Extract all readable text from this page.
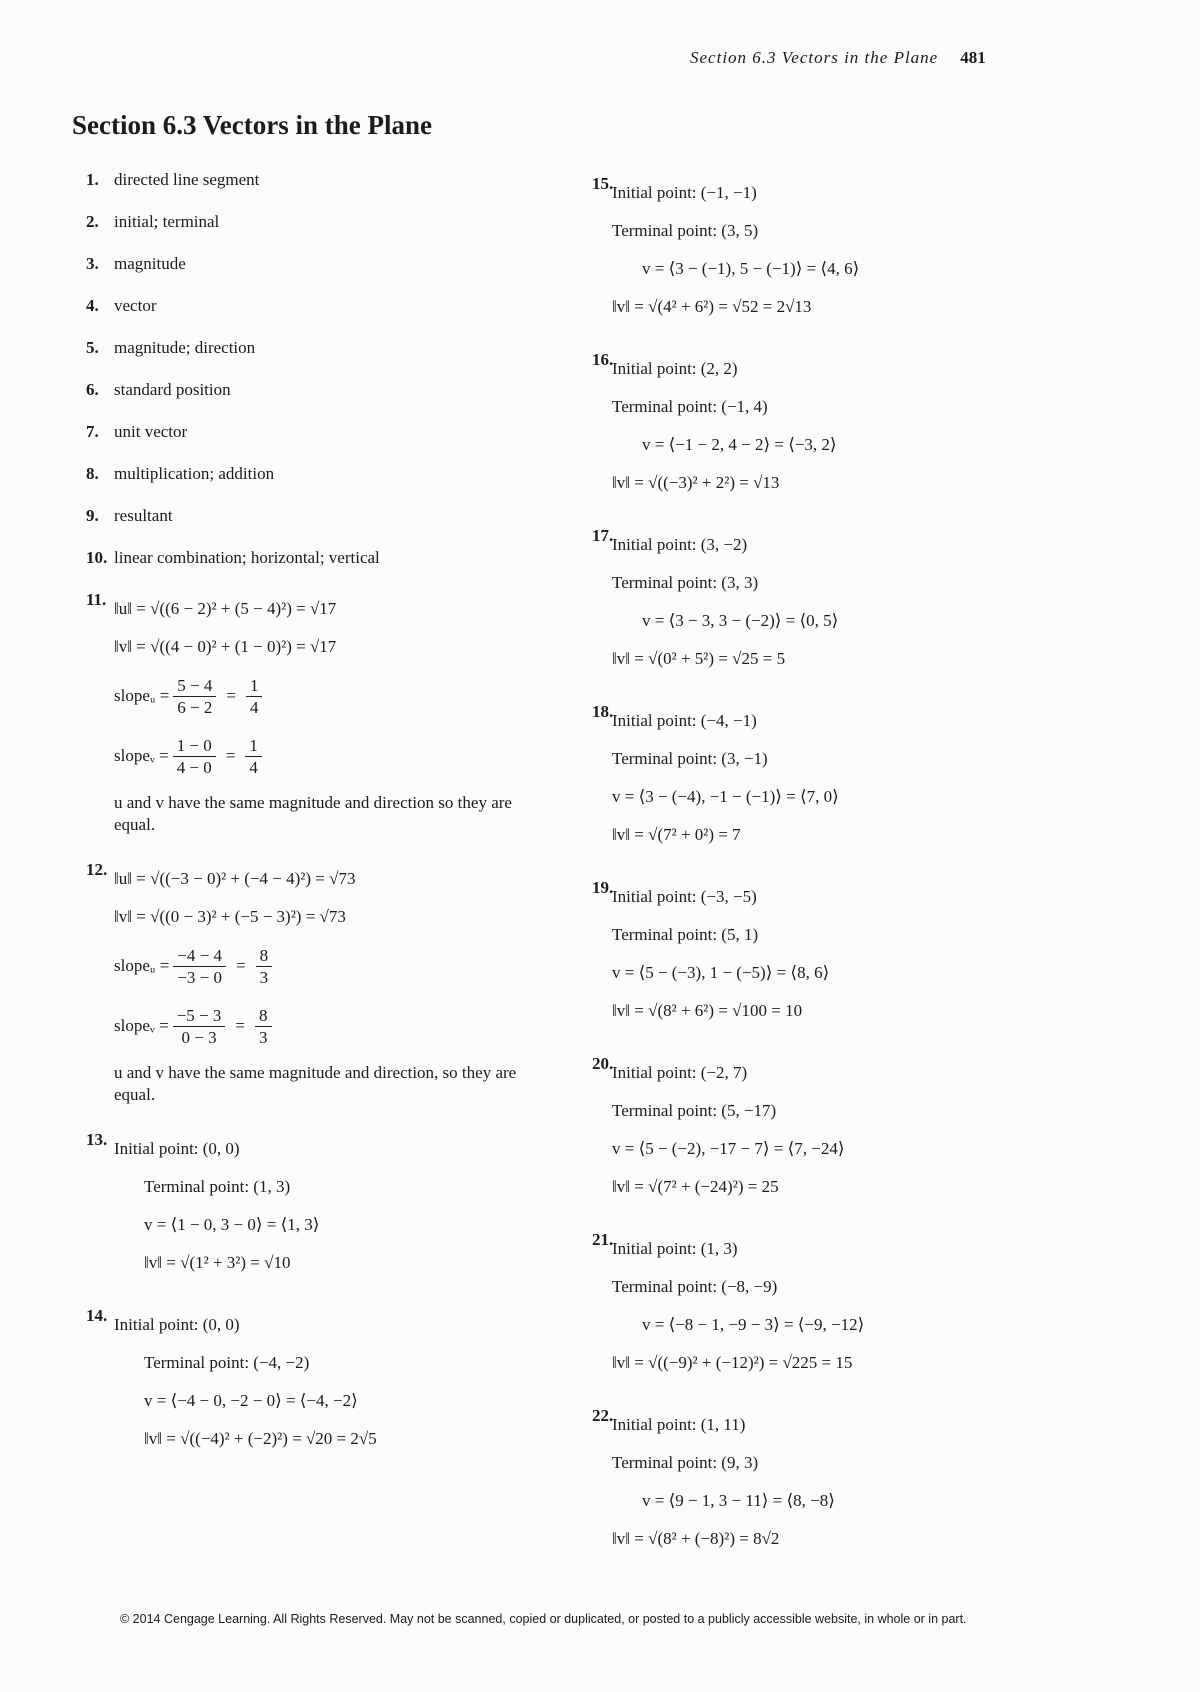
Section 6.3 Vectors in the Plane 481
Section 6.3 Vectors in the Plane
1. directed line segment
2. initial; terminal
3. magnitude
4. vector
5. magnitude; direction
6. standard position
7. unit vector
8. multiplication; addition
9. resultant
10. linear combination; horizontal; vertical
11. ‖u‖ = √((6 − 2)² + (5 − 4)²) = √17
‖v‖ = √((4 − 0)² + (1 − 0)²) = √17
slopeᵤ = $\frac{5 - 4}{6 - 2} = \frac{1}{4}$
slopeᵥ = $\frac{1 - 0}{4 - 0} = \frac{1}{4}$
u and v have the same magnitude and direction so they are equal.
12. ‖u‖ = √((−3 − 0)² + (−4 − 4)²) = √73
‖v‖ = √((0 − 3)² + (−5 − 3)²) = √73
slopeᵤ = $\frac{-4 - 4}{-3 - 0} = \frac{8}{3}$
slopeᵥ = $\frac{-5 - 3}{0 - 3} = \frac{8}{3}$
u and v have the same magnitude and direction, so they are equal.
13. Initial point: (0, 0)
Terminal point: (1, 3)
v = ⟨1 − 0, 3 − 0⟩ = ⟨1, 3⟩
‖v‖ = √(1² + 3²) = √10
14. Initial point: (0, 0)
Terminal point: (−4, −2)
v = ⟨−4 − 0, −2 − 0⟩ = ⟨−4, −2⟩
‖v‖ = √((−4)² + (−2)²) = √20 = 2√5
15.
Initial point: (−1, −1)
Terminal point: (3, 5)
v = ⟨3 − (−1), 5 − (−1)⟩ = ⟨4, 6⟩
‖v‖ = √(4² + 6²) = √52 = 2√13
16.
Initial point: (2, 2)
Terminal point: (−1, 4)
v = ⟨−1 − 2, 4 − 2⟩ = ⟨−3, 2⟩
‖v‖ = √((−3)² + 2²) = √13
17.
Initial point: (3, −2)
Terminal point: (3, 3)
v = ⟨3 − 3, 3 − (−2)⟩ = ⟨0, 5⟩
‖v‖ = √(0² + 5²) = √25 = 5
18.
Initial point: (−4, −1)
Terminal point: (3, −1)
v = ⟨3 − (−4), −1 − (−1)⟩ = ⟨7, 0⟩
‖v‖ = √(7² + 0²) = 7
19.
Initial point: (−3, −5)
Terminal point: (5, 1)
v = ⟨5 − (−3), 1 − (−5)⟩ = ⟨8, 6⟩
‖v‖ = √(8² + 6²) = √100 = 10
20.
Initial point: (−2, 7)
Terminal point: (5, −17)
v = ⟨5 − (−2), −17 − 7⟩ = ⟨7, −24⟩
‖v‖ = √(7² + (−24)²) = 25
21.
Initial point: (1, 3)
Terminal point: (−8, −9)
v = ⟨−8 − 1, −9 − 3⟩ = ⟨−9, −12⟩
‖v‖ = √((−9)² + (−12)²) = √225 = 15
22.
Initial point: (1, 11)
Terminal point: (9, 3)
v = ⟨9 − 1, 3 − 11⟩ = ⟨8, −8⟩
‖v‖ = √(8² + (−8)²) = 8√2
© 2014 Cengage Learning. All Rights Reserved. May not be scanned, copied or duplicated, or posted to a publicly accessible website, in whole or in part.
